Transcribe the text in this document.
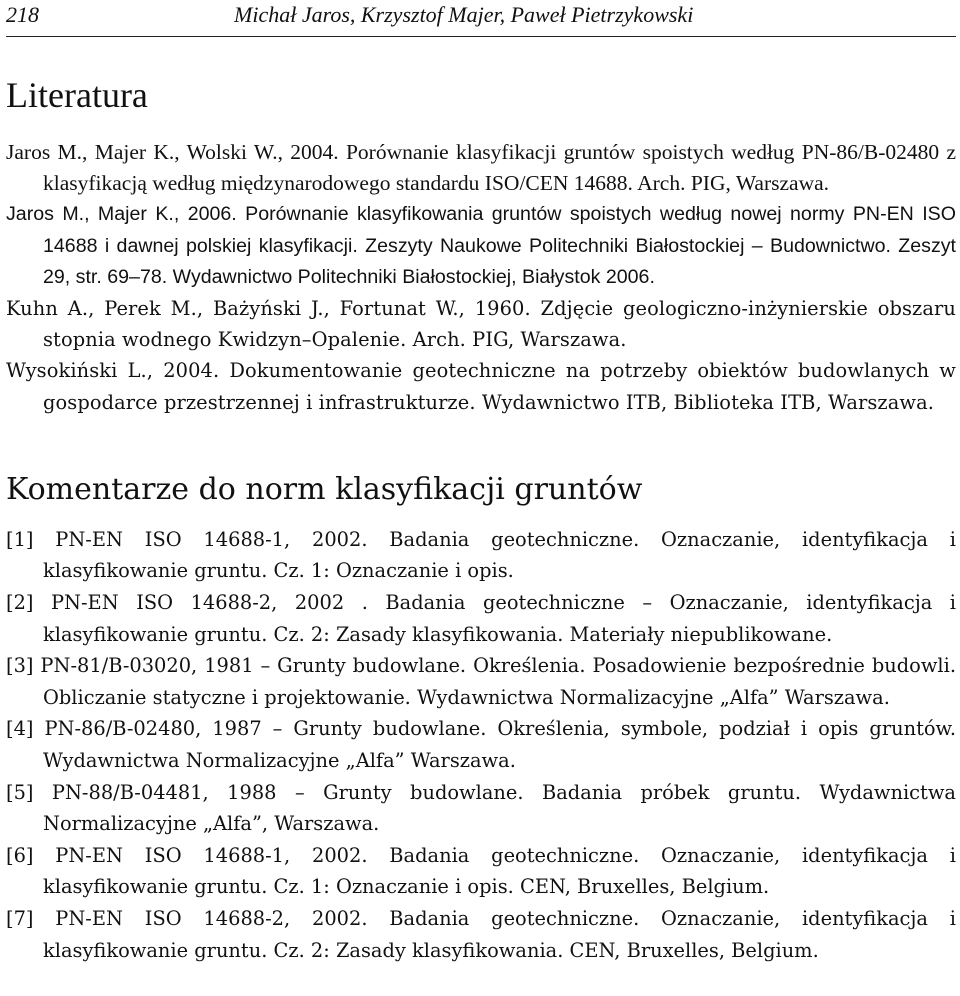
218	Michał Jaros, Krzysztof Majer, Paweł Pietrzykowski
Literatura

Jaros M., Majer K., Wolski W., 2004. Porównanie klasyfikacji gruntów spoistych według PN-86/B-02480 z klasyfikacją według międzynarodowego standardu ISO/CEN 14688. Arch. PIG, Warszawa.

Jaros M., Majer K., 2006. Porównanie klasyfikowania gruntów spoistych według nowej normy PN-EN ISO 14688 i dawnej polskiej klasyfikacji. Zeszyty Naukowe Politechniki Białostockiej – Budownictwo. Zeszyt 29, str. 69–78. Wydawnictwo Politechniki Białostockiej, Białystok 2006.

Kuhn A., Perek M., Bażyński J., Fortunat W., 1960. Zdjęcie geologiczno-inżynierskie obszaru stopnia wodnego Kwidzyn–Opalenie. Arch. PIG, Warszawa.

Wysokiński L., 2004. Dokumentowanie geotechniczne na potrzeby obiektów budowlanych w gospodarce przestrzennej i infrastrukturze. Wydawnictwo ITB, Biblioteka ITB, Warszawa.

Komentarze do norm klasyfikacji gruntów

[1] PN-EN ISO 14688-1, 2002. Badania geotechniczne. Oznaczanie, identyfikacja i klasyfikowanie gruntu. Cz. 1: Oznaczanie i opis.

[2] PN-EN ISO 14688-2, 2002 . Badania geotechniczne – Oznaczanie, identyfikacja i klasyfikowanie gruntu. Cz. 2: Zasady klasyfikowania. Materiały niepublikowane.

[3] PN-81/B-03020, 1981 – Grunty budowlane. Określenia. Posadowienie bezpośrednie budowli. Obliczanie statyczne i projektowanie. Wydawnictwa Normalizacyjne „Alfa” Warszawa.

[4] PN-86/B-02480, 1987 – Grunty budowlane. Określenia, symbole, podział i opis gruntów. Wydawnictwa Normalizacyjne „Alfa” Warszawa.

[5] PN-88/B-04481, 1988 – Grunty budowlane. Badania próbek gruntu. Wydawnictwa Normalizacyjne „Alfa”, Warszawa.

[6] PN-EN ISO 14688-1, 2002. Badania geotechniczne. Oznaczanie, identyfikacja i klasyfikowanie gruntu. Cz. 1: Oznaczanie i opis. CEN, Bruxelles, Belgium.

[7] PN-EN ISO 14688-2, 2002. Badania geotechniczne. Oznaczanie, identyfikacja i klasyfikowanie gruntu. Cz. 2: Zasady klasyfikowania. CEN, Bruxelles, Belgium.
